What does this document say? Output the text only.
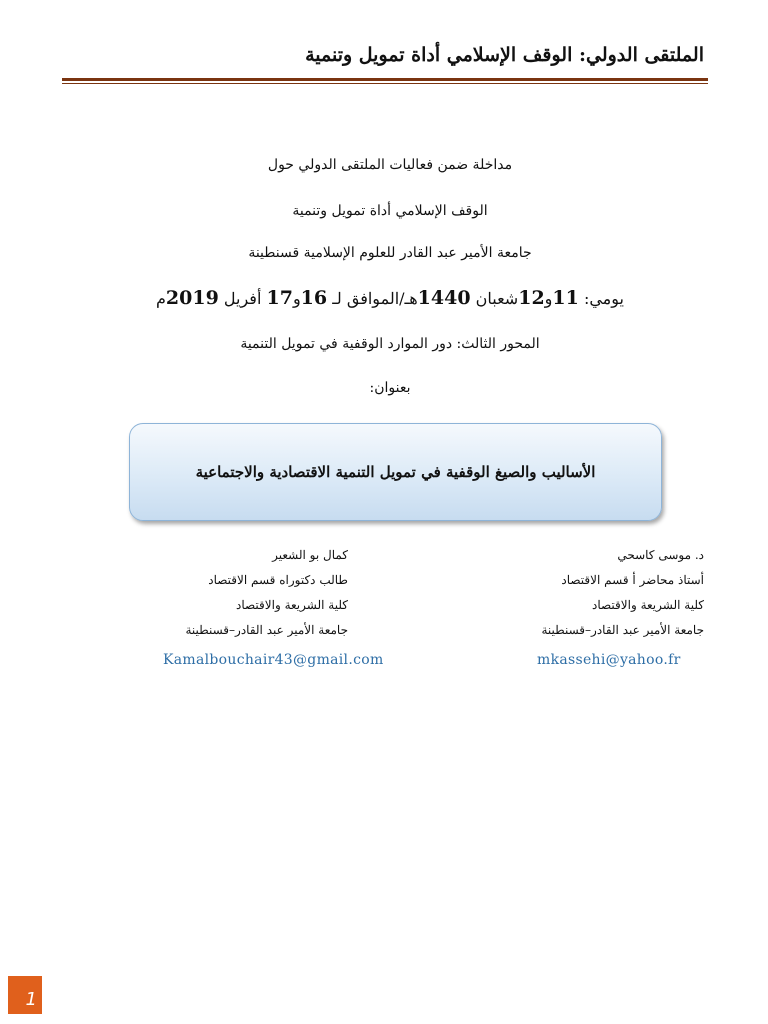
الملتقى الدولي: الوقف الإسلامي أداة تمويل وتنمية
مداخلة ضمن فعاليات الملتقى الدولي حول
الوقف الإسلامي أداة تمويل وتنمية
جامعة الأمير عبد القادر للعلوم الإسلامية قسنطينة
يومي: 11و12شعبان 1440هـ/الموافق لـ 16و17 أفريل 2019م
المحور الثالث: دور الموارد الوقفية في تمويل التنمية
بعنوان:
الأساليب والصيغ الوقفية في تمويل التنمية الاقتصادية والاجتماعية
د. موسى كاسحي
أستاذ محاضر أ قسم الاقتصاد
كلية الشريعة والاقتصاد
جامعة الأمير عبد القادر–قسنطينة
كمال بو الشعير
طالب دكتوراه قسم الاقتصاد
كلية الشريعة والاقتصاد
جامعة الأمير عبد القادر–قسنطينة
mkassehi@yahoo.fr
Kamalbouchair43@gmail.com
1
